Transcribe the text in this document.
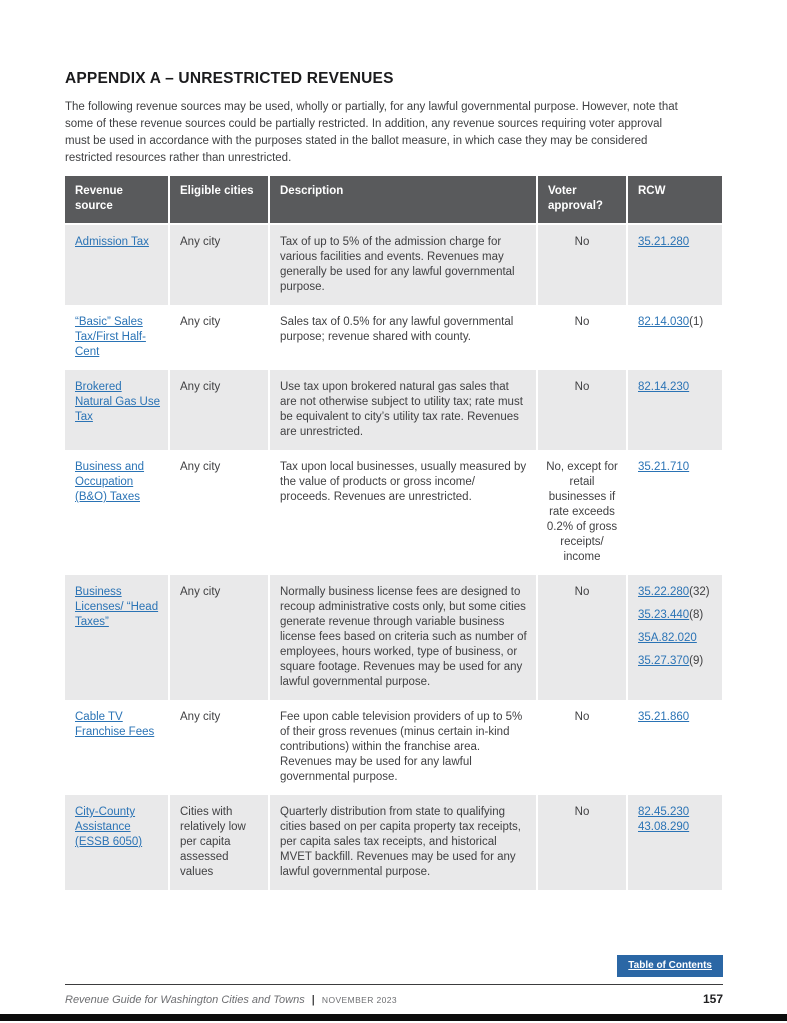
APPENDIX A – UNRESTRICTED REVENUES

The following revenue sources may be used, wholly or partially, for any lawful governmental purpose. However, note that some of these revenue sources could be partially restricted. In addition, any revenue sources requiring voter approval must be used in accordance with the purposes stated in the ballot measure, in which case they may be considered restricted resources rather than unrestricted.

Revenue source	Eligible cities	Description	Voter approval?	RCW
Admission Tax	Any city	Tax of up to 5% of the admission charge for various facilities and events. Revenues may generally be used for any lawful governmental purpose.	No	35.21.280

“Basic” Sales Tax/First Half-Cent	Any city	Sales tax of 0.5% for any lawful governmental purpose; revenue shared with county.	No	82.14.030(1)

Brokered Natural Gas Use Tax	Any city	Use tax upon brokered natural gas sales that are not otherwise subject to utility tax; rate must be equivalent to city’s utility tax rate. Revenues are unrestricted.	No	82.14.230

Business and Occupation (B&O) Taxes	Any city	Tax upon local businesses, usually measured by the value of products or gross income/ proceeds. Revenues are unrestricted.	No, except for retail businesses if rate exceeds 0.2% of gross receipts/ income	35.21.710

Business Licenses/ “Head Taxes”	Any city	Normally business license fees are designed to recoup administrative costs only, but some cities generate revenue through variable business license fees based on criteria such as number of employees, hours worked, type of business, or square footage. Revenues may be used for any lawful governmental purpose.	No	35.22.280(32)
35.23.440(8)
35A.82.020
35.27.370(9)

Cable TV Franchise Fees	Any city	Fee upon cable television providers of up to 5% of their gross revenues (minus certain in-kind contributions) within the franchise area. Revenues may be used for any lawful governmental purpose.	No	35.21.860

City-County Assistance (ESSB 6050)	Cities with relatively low per capita assessed values	Quarterly distribution from state to qualifying cities based on per capita property tax receipts, per capita sales tax receipts, and historical MVET backfill. Revenues may be used for any lawful governmental purpose.	No	82.45.230
43.08.290
Table of Contents
Revenue Guide for Washington Cities and Towns | NOVEMBER 2023	157
